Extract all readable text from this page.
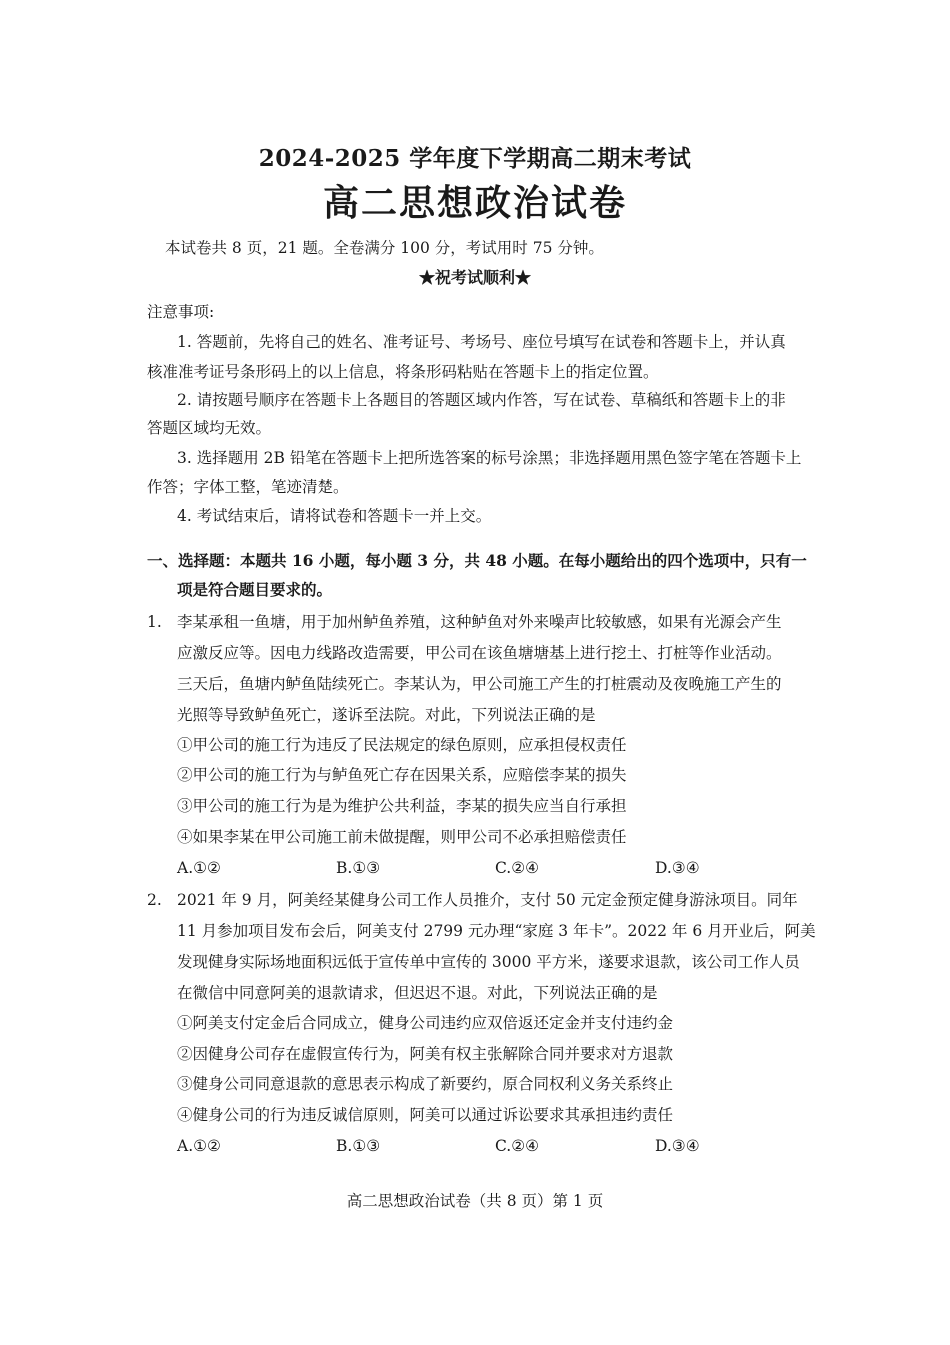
2024-2025 学年度下学期高二期末考试
高二思想政治试卷
本试卷共 8 页，21 题。全卷满分 100 分，考试用时 75 分钟。
★祝考试顺利★
注意事项:
1. 答题前，先将自己的姓名、准考证号、考场号、座位号填写在试卷和答题卡上，并认真
核准准考证号条形码上的以上信息，将条形码粘贴在答题卡上的指定位置。
2. 请按题号顺序在答题卡上各题目的答题区域内作答，写在试卷、草稿纸和答题卡上的非
答题区域均无效。
3. 选择题用 2B 铅笔在答题卡上把所选答案的标号涂黑；非选择题用黑色签字笔在答题卡上
作答；字体工整，笔迹清楚。
4. 考试结束后，请将试卷和答题卡一并上交。
一、选择题：本题共 16 小题，每小题 3 分，共 48 小题。在每小题给出的四个选项中，只有一
项是符合题目要求的。
1. 李某承租一鱼塘，用于加州鲈鱼养殖，这种鲈鱼对外来噪声比较敏感，如果有光源会产生
应激反应等。因电力线路改造需要，甲公司在该鱼塘塘基上进行挖土、打桩等作业活动。
三天后，鱼塘内鲈鱼陆续死亡。李某认为，甲公司施工产生的打桩震动及夜晚施工产生的
光照等导致鲈鱼死亡，遂诉至法院。对此，下列说法正确的是
①甲公司的施工行为违反了民法规定的绿色原则，应承担侵权责任
②甲公司的施工行为与鲈鱼死亡存在因果关系，应赔偿李某的损失
③甲公司的施工行为是为维护公共利益，李某的损失应当自行承担
④如果李某在甲公司施工前未做提醒，则甲公司不必承担赔偿责任
A.①②	B.①③	C.②④	D.③④
2. 2021 年 9 月，阿美经某健身公司工作人员推介，支付 50 元定金预定健身游泳项目。同年
11 月参加项目发布会后，阿美支付 2799 元办理“家庭 3 年卡”。2022 年 6 月开业后，阿美
发现健身实际场地面积远低于宣传单中宣传的 3000 平方米，遂要求退款，该公司工作人员
在微信中同意阿美的退款请求，但迟迟不退。对此，下列说法正确的是
①阿美支付定金后合同成立，健身公司违约应双倍返还定金并支付违约金
②因健身公司存在虚假宣传行为，阿美有权主张解除合同并要求对方退款
③健身公司同意退款的意思表示构成了新要约，原合同权利义务关系终止
④健身公司的行为违反诚信原则，阿美可以通过诉讼要求其承担违约责任
A.①②	B.①③	C.②④	D.③④
高二思想政治试卷（共 8 页）第 1 页
